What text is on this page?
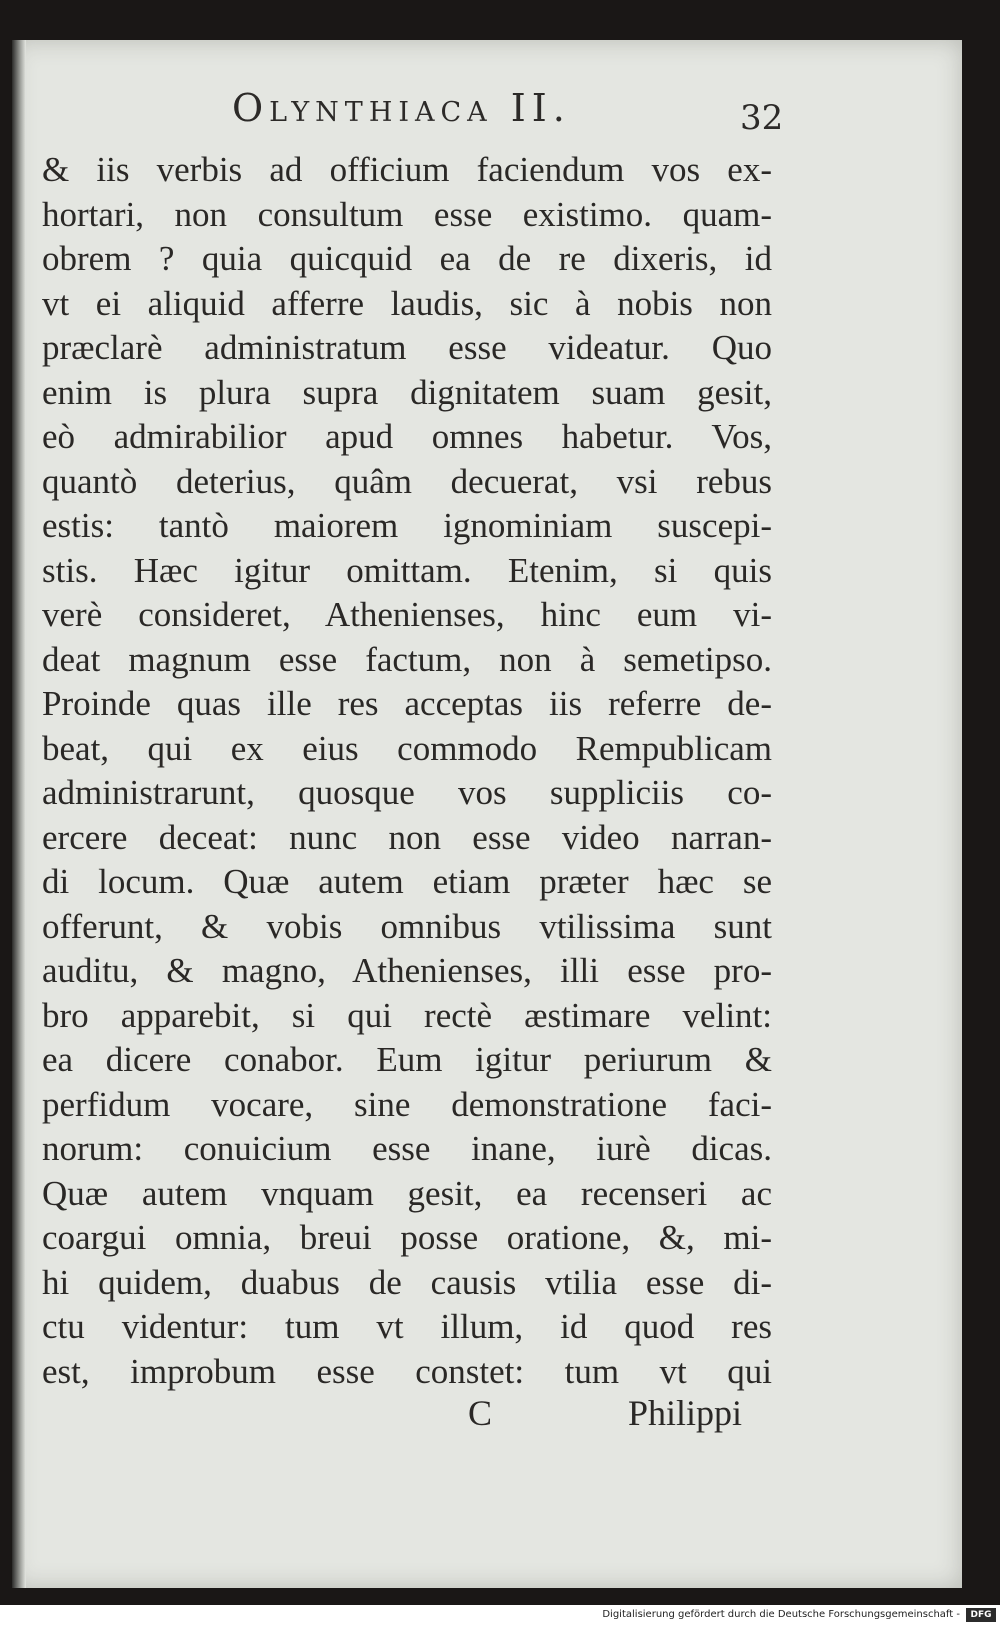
Olynthiaca II.	32
& iis verbis ad officium faciendum vos ex-
hortari, non consultum esse existimo. quam-
obrem ? quia quicquid ea de re dixeris, id
vt ei aliquid afferre laudis, sic à nobis non
præclarè administratum esse videatur. Quo
enim is plura supra dignitatem suam gesit,
eò admirabilior apud omnes habetur. Vos,
quantò deterius, quâm decuerat, vsi rebus
estis: tantò maiorem ignominiam suscepi-
stis. Hæc igitur omittam. Etenim, si quis
verè consideret, Athenienses, hinc eum vi-
deat magnum esse factum, non à semetipso.
Proinde quas ille res acceptas iis referre de-
beat, qui ex eius commodo Rempublicam
administrarunt, quosque vos suppliciis co-
ercere deceat: nunc non esse video narran-
di locum. Quæ autem etiam præter hæc se
offerunt, & vobis omnibus vtilissima sunt
auditu, & magno, Athenienses, illi esse pro-
bro apparebit, si qui rectè æstimare velint:
ea dicere conabor. Eum igitur periurum &
perfidum vocare, sine demonstratione faci-
norum: conuicium esse inane, iurè dicas.
Quæ autem vnquam gesit, ea recenseri ac
coargui omnia, breui posse oratione, &, mi-
hi quidem, duabus de causis vtilia esse di-
ctu videntur: tum vt illum, id quod res
est, improbum esse constet: tum vt qui
C	Philippi
Digitalisierung gefördert durch die Deutsche Forschungsgemeinschaft -	DFG
